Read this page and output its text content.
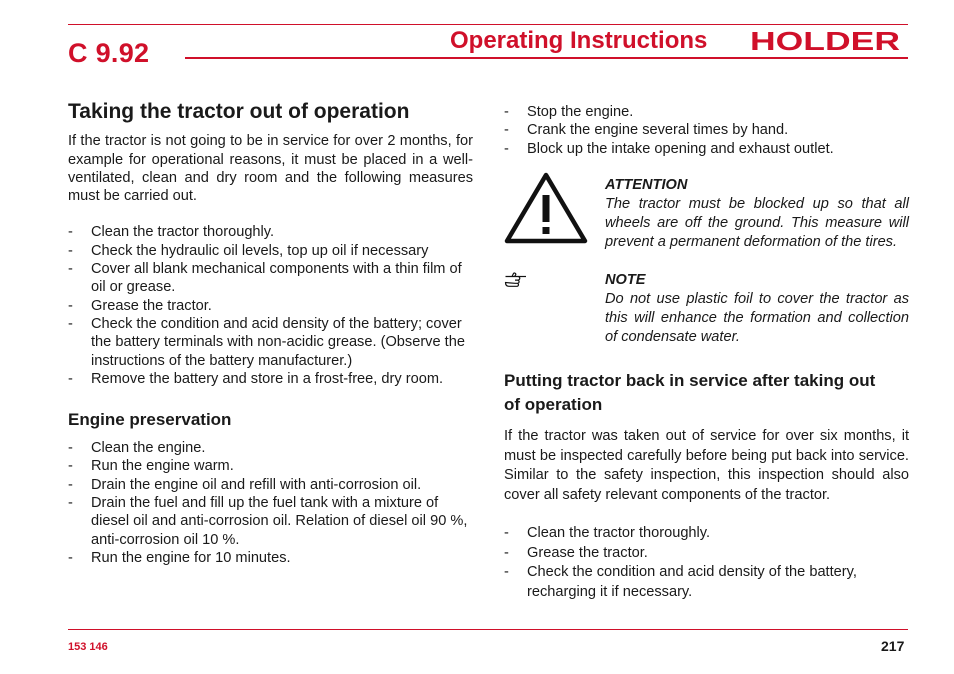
C 9.92	Operating Instructions HOLDER
Taking the tractor out of operation

If the tractor is not going to be in service for over 2 months, for example for operational reasons, it must be placed in a well-ventilated, clean and dry room and the following measures must be carried out.

- Clean the tractor thoroughly.
- Check the hydraulic oil levels, top up oil if necessary
- Cover all blank mechanical components with a thin film of oil or grease.
- Grease the tractor.
- Check the condition and acid density of the battery; cover the battery terminals with non-acidic grease. (Observe the instructions of the battery manufacturer.)
- Remove the battery and store in a frost-free, dry room.
Engine preservation
- Clean the engine.
- Run the engine warm.
- Drain the engine oil and refill with anti-corrosion oil.
- Drain the fuel and fill up the fuel tank with a mixture of diesel oil and anti-corrosion oil. Relation of diesel oil 90 %, anti-corrosion oil 10 %.
- Run the engine for 10 minutes.
- Stop the engine.
- Crank the engine several times by hand.
- Block up the intake opening and exhaust outlet.
ATTENTION
The tractor must be blocked up so that all wheels are off the ground. This measure will prevent a permanent deformation of the tires.
NOTE
Do not use plastic foil to cover the tractor as this will enhance the formation and collection of condensate water.
Putting tractor back in service after taking out of operation

If the tractor was taken out of service for over six months, it must be inspected carefully before being put back into service. Similar to the safety inspection, this inspection should also cover all safety relevant components of the tractor.

- Clean the tractor thoroughly.
- Grease the tractor.
- Check the condition and acid density of the battery, recharging it if necessary.
153 146	217
